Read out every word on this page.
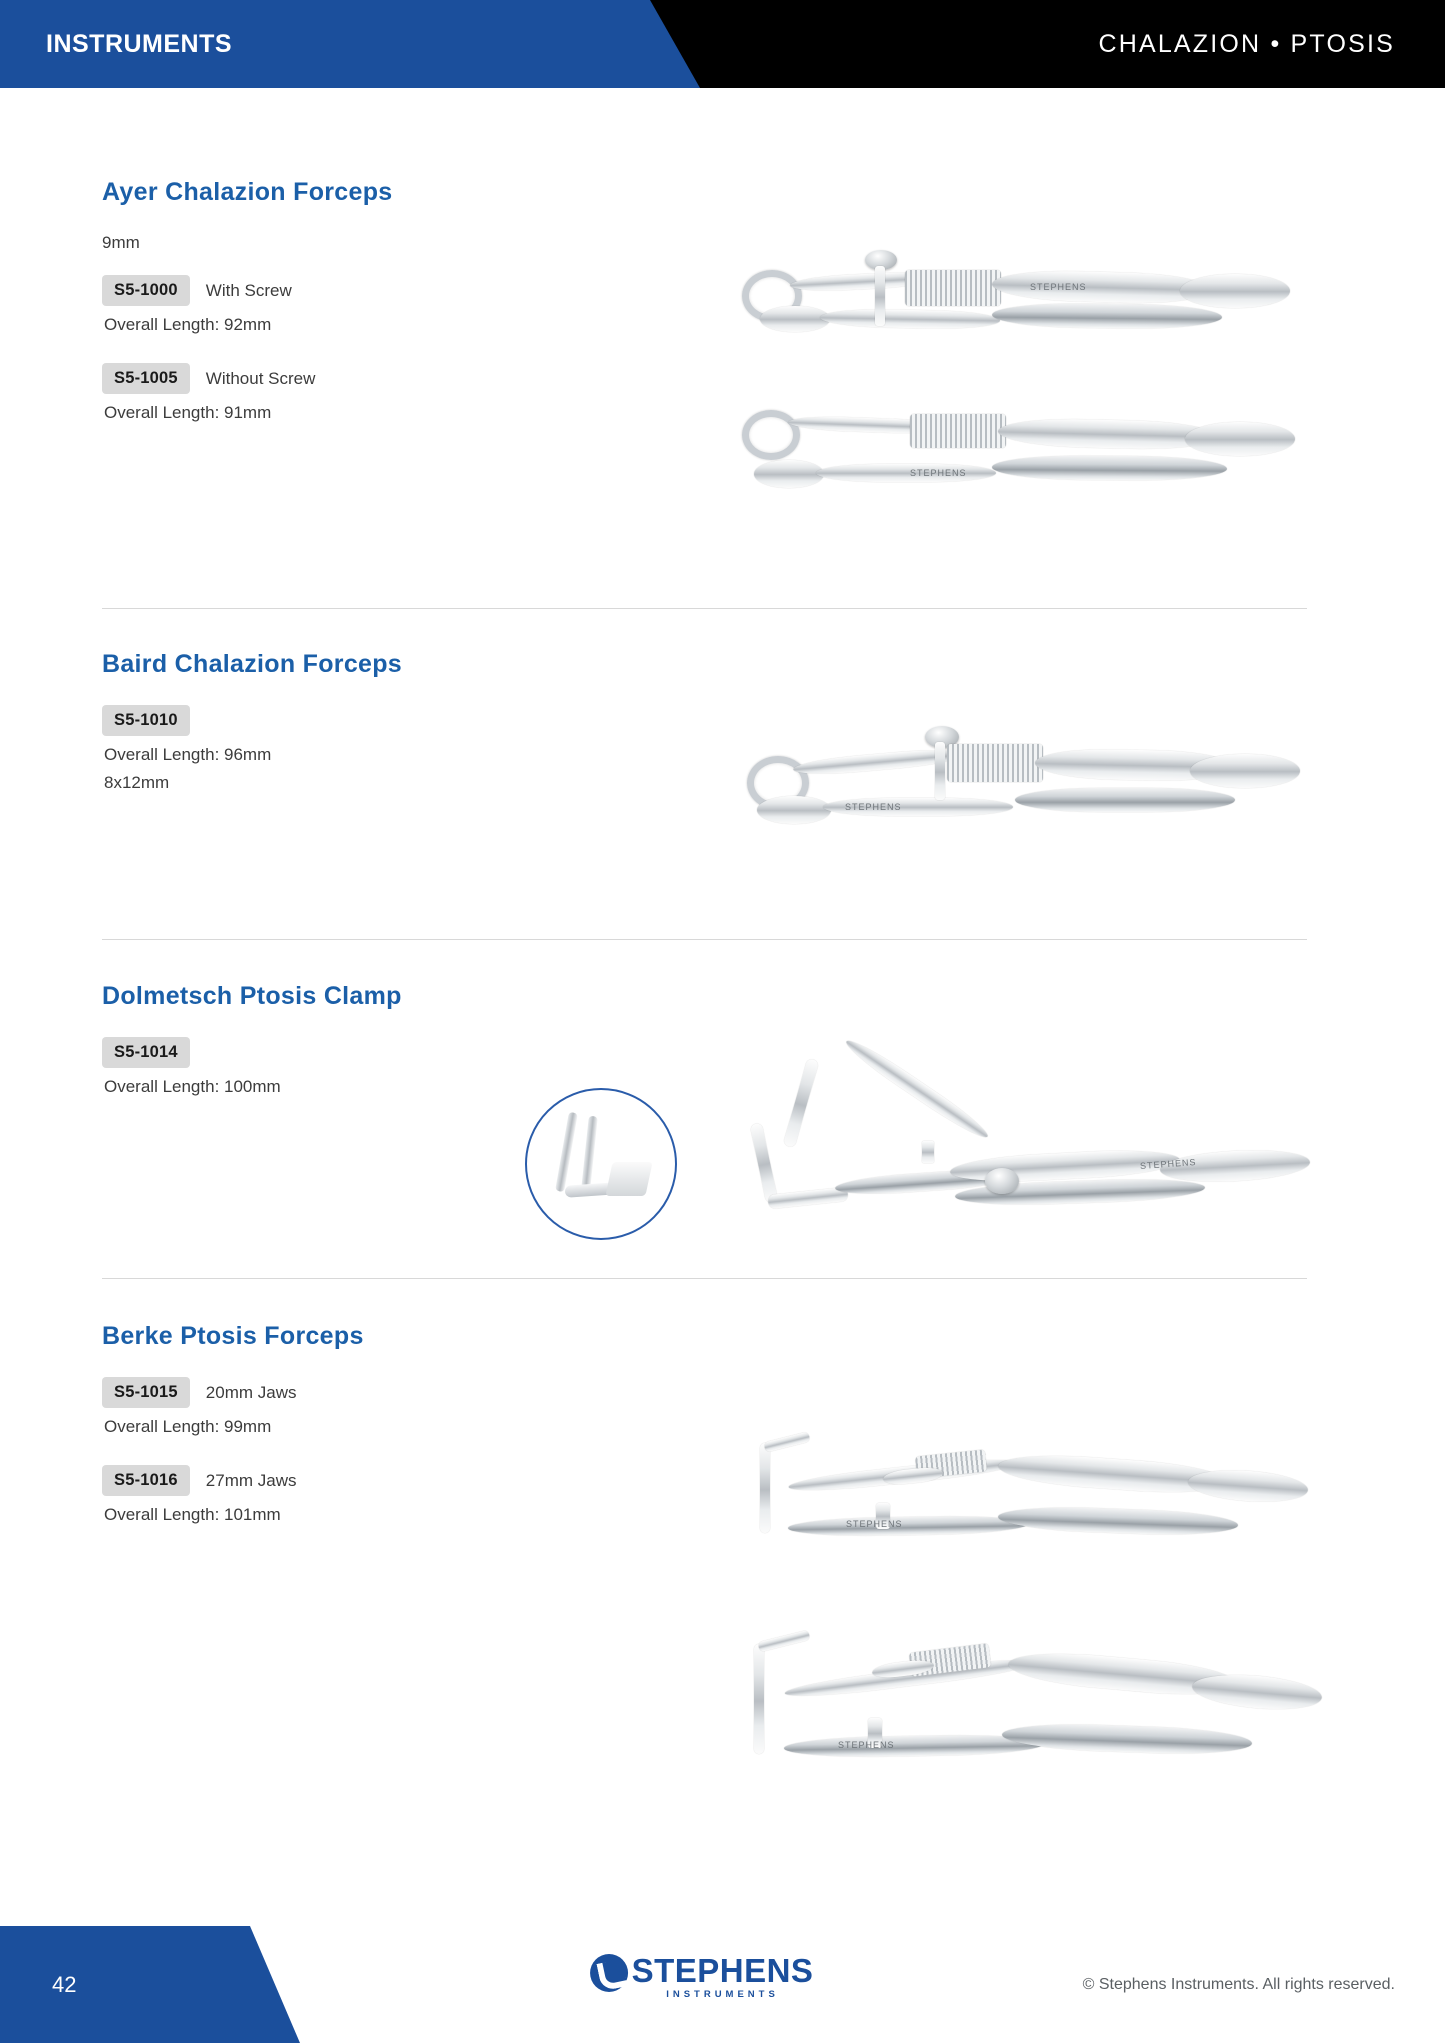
INSTRUMENTS	CHALAZION • PTOSIS
Ayer Chalazion Forceps

9mm

S5-1000	With Screw

Overall Length: 92mm

S5-1005	Without Screw

Overall Length: 91mm

STEPHENS
STEPHENS
Baird Chalazion Forceps
S5-1010

Overall Length: 96mm

8x12mm

STEPHENS
Dolmetsch Ptosis Clamp
S5-1014

Overall Length: 100mm

STEPHENS
Berke Ptosis Forceps
S5-1015	20mm Jaws

Overall Length: 99mm

S5-1016	27mm Jaws

Overall Length: 101mm	STEPHENS
STEPHENS
42	STEPHENS
INSTRUMENTS
© Stephens Instruments. All rights reserved.
